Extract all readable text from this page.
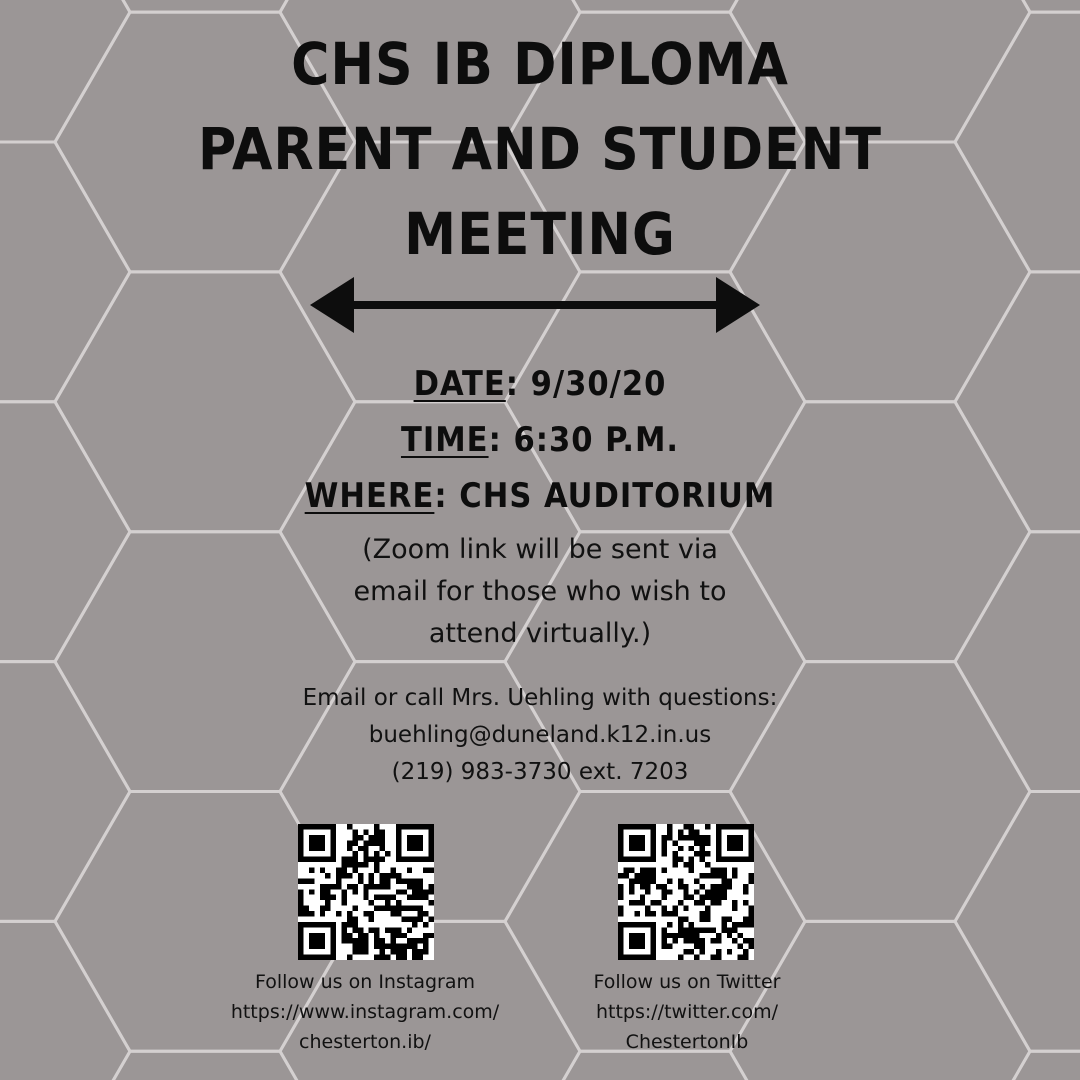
CHS IB DIPLOMA
PARENT AND STUDENT
MEETING
DATE: 9/30/20
TIME: 6:30 P.M.
WHERE: CHS AUDITORIUM
(Zoom link will be sent via
email for those who wish to
attend virtually.)
Email or call Mrs. Uehling with questions:
buehling@duneland.k12.in.us
(219) 983-3730 ext. 7203
Follow us on Instagram
https://www.instagram.com/
chesterton.ib/
Follow us on Twitter
https://twitter.com/
ChestertonIb
